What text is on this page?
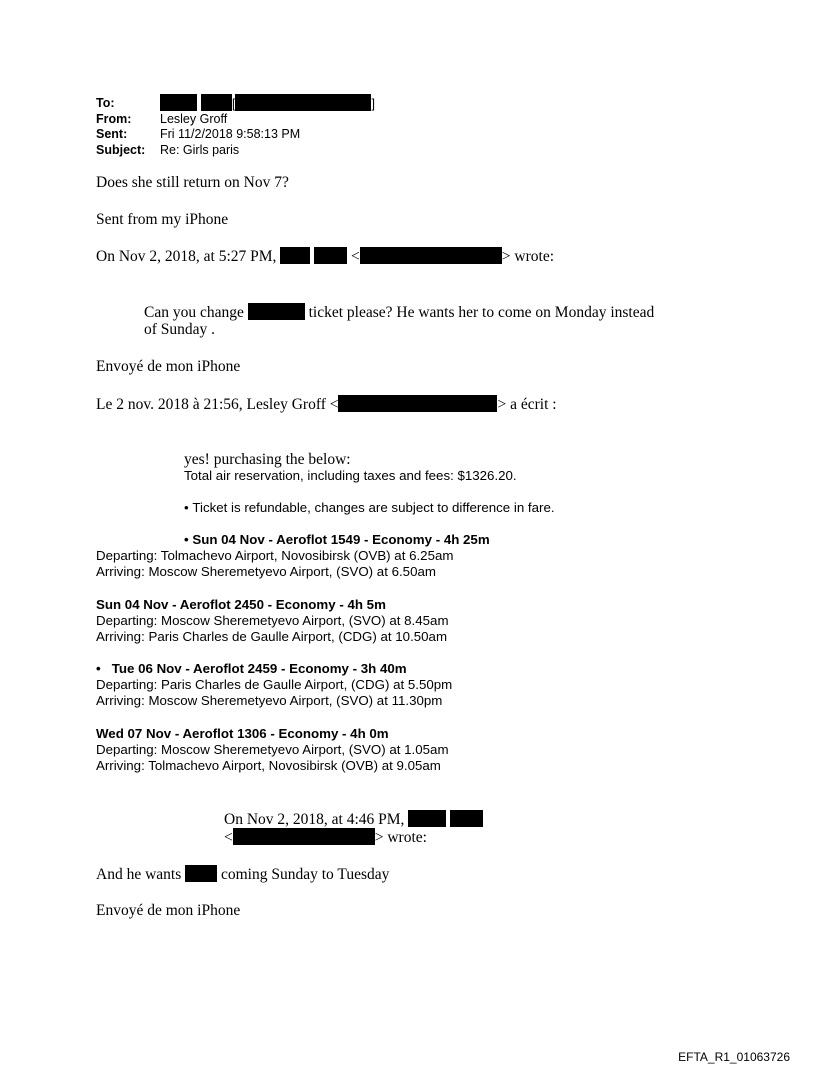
To:	[	]
From: Lesley Groff
Sent:	Fri 11/2/2018 9:58:13 PM
Subject: Re: Girls paris
Does she still return on Nov 7?
Sent from my iPhone
On Nov 2, 2018, at 5:27 PM,	<	> wrote:
Can you change	ticket please? He wants her to come on Monday instead
of Sunday .
Envoyé de mon iPhone
Le 2 nov. 2018 à 21:56, Lesley Groff <	> a écrit :
yes! purchasing the below:
Total air reservation, including taxes and fees: $1326.20.
• Ticket is refundable, changes are subject to difference in fare.
• Sun 04 Nov - Aeroflot 1549 - Economy - 4h 25m
Departing: Tolmachevo Airport, Novosibirsk (OVB) at 6.25am
Arriving: Moscow Sheremetyevo Airport, (SVO) at 6.50am
Sun 04 Nov - Aeroflot 2450 - Economy - 4h 5m
Departing: Moscow Sheremetyevo Airport, (SVO) at 8.45am
Arriving: Paris Charles de Gaulle Airport, (CDG) at 10.50am
• Tue 06 Nov - Aeroflot 2459 - Economy - 3h 40m
Departing: Paris Charles de Gaulle Airport, (CDG) at 5.50pm
Arriving: Moscow Sheremetyevo Airport, (SVO) at 11.30pm
Wed 07 Nov - Aeroflot 1306 - Economy - 4h 0m
Departing: Moscow Sheremetyevo Airport, (SVO) at 1.05am
Arriving: Tolmachevo Airport, Novosibirsk (OVB) at 9.05am
On Nov 2, 2018, at 4:46 PM,
<	> wrote:
And he wants	coming Sunday to Tuesday
Envoyé de mon iPhone
EFTA_R1_01063726
